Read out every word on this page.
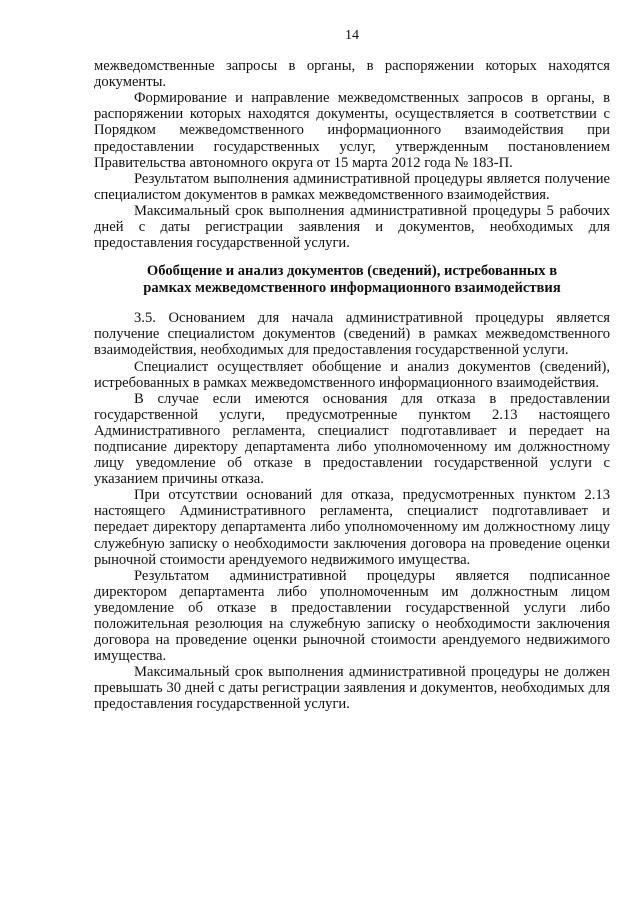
14

межведомственные запросы в органы, в распоряжении которых находятся документы.

Формирование и направление межведомственных запросов в органы, в распоряжении которых находятся документы, осуществляется в соответствии с Порядком межведомственного информационного взаимодействия при предоставлении государственных услуг, утвержденным постановлением Правительства автономного округа от 15 марта 2012 года № 183-П.

Результатом выполнения административной процедуры является получение специалистом документов в рамках межведомственного взаимодействия.

Максимальный срок выполнения административной процедуры 5 рабочих дней с даты регистрации заявления и документов, необходимых для предоставления государственной услуги.

Обобщение и анализ документов (сведений), истребованных в
рамках межведомственного информационного взаимодействия

3.5. Основанием для начала административной процедуры является получение специалистом документов (сведений) в рамках межведомственного взаимодействия, необходимых для предоставления государственной услуги.

Специалист осуществляет обобщение и анализ документов (сведений), истребованных в рамках межведомственного информационного взаимодействия.

В случае если имеются основания для отказа в предоставлении государственной услуги, предусмотренные пунктом 2.13 настоящего Административного регламента, специалист подготавливает и передает на подписание директору департамента либо уполномоченному им должностному лицу уведомление об отказе в предоставлении государственной услуги с указанием причины отказа.

При отсутствии оснований для отказа, предусмотренных пунктом 2.13 настоящего Административного регламента, специалист подготавливает и передает директору департамента либо уполномоченному им должностному лицу служебную записку о необходимости заключения договора на проведение оценки рыночной стоимости арендуемого недвижимого имущества.

Результатом административной процедуры является подписанное директором департамента либо уполномоченным им должностным лицом уведомление об отказе в предоставлении государственной услуги либо положительная резолюция на служебную записку о необходимости заключения договора на проведение оценки рыночной стоимости арендуемого недвижимого имущества.

Максимальный срок выполнения административной процедуры не должен превышать 30 дней с даты регистрации заявления и документов, необходимых для предоставления государственной услуги.
